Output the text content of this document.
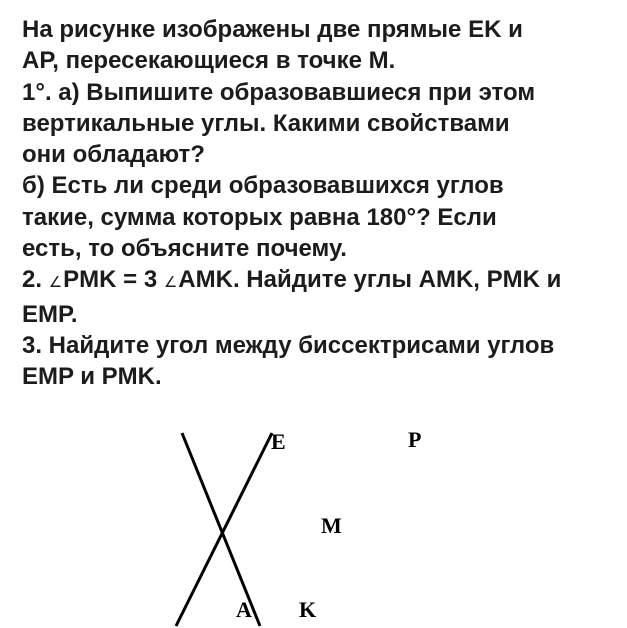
На рисунке изображены две прямые EK и
AP, пересекающиеся в точке M.
1°. а) Выпишите образовавшиеся при этом
вертикальные углы. Какими свойствами
они обладают?
б) Есть ли среди образовавшихся углов
такие, сумма которых равна 180°? Если
есть, то объясните почему.
2. ∠PMK = 3 ∠AMK. Найдите углы AMK, PMK и
EMP.
3. Найдите угол между биссектрисами углов
EMP и PMK.
E	P
M
A K
